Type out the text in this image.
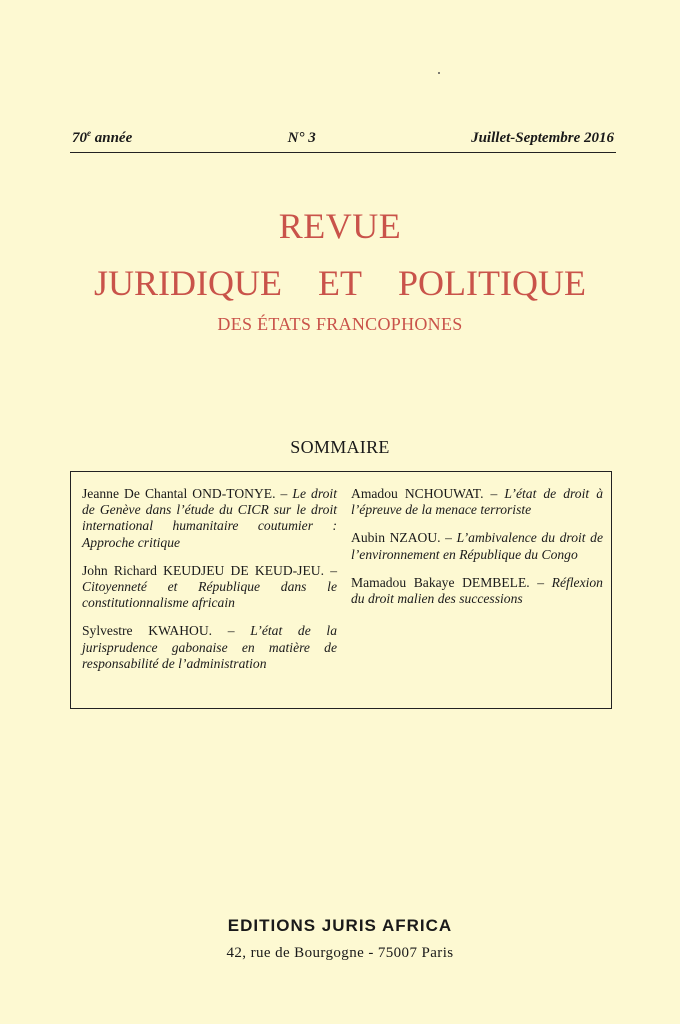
70e année	N° 3	Juillet-Septembre 2016
REVUE
JURIDIQUE ET POLITIQUE
DES ÉTATS FRANCOPHONES
SOMMAIRE

Jeanne De Chantal OND-TONYE. – Le droit de Genève dans l’étude du CICR sur le droit international humanitaire coutumier : Approche critique

John Richard KEUDJEU DE KEUD-JEU. – Citoyenneté et République dans le constitutionnalisme africain

Sylvestre KWAHOU. – L’état de la jurisprudence gabonaise en matière de responsabilité de l’administration

Amadou NCHOUWAT. – L’état de droit à l’épreuve de la menace terroriste

Aubin NZAOU. – L’ambivalence du droit de l’environnement en République du Congo

Mamadou Bakaye DEMBELE. – Réflexion du droit malien des successions

EDITIONS JURIS AFRICA
42, rue de Bourgogne - 75007 Paris
